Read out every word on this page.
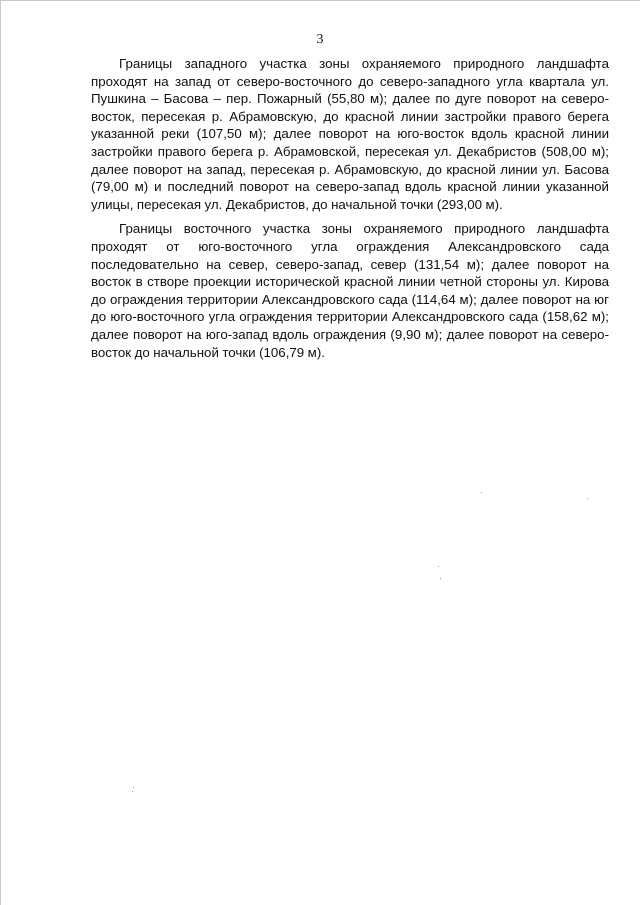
3

Границы западного участка зоны охраняемого природного ландшафта проходят на запад от северо-восточного до северо-западного угла квартала ул. Пушкина – Басова – пер. Пожарный (55,80 м); далее по дуге поворот на северо-восток, пересекая р. Абрамовскую, до красной линии застройки правого берега указанной реки (107,50 м); далее поворот на юго-восток вдоль красной линии застройки правого берега р. Абрамовской, пересекая ул. Декабристов (508,00 м); далее поворот на запад, пересекая р. Абрамовскую, до красной линии ул. Басова (79,00 м) и последний поворот на северо-запад вдоль красной линии указанной улицы, пересекая ул. Декабристов, до начальной точки (293,00 м).

Границы восточного участка зоны охраняемого природного ландшафта проходят от юго-восточного угла ограждения Александровского сада последовательно на север, северо-запад, север (131,54 м); далее поворот на восток в створе проекции исторической красной линии четной стороны ул. Кирова до ограждения территории Александровского сада (114,64 м); далее поворот на юг до юго-восточного угла ограждения территории Александровского сада (158,62 м); далее поворот на юго-запад вдоль ограждения (9,90 м); далее поворот на северо-восток до начальной точки (106,79 м).
